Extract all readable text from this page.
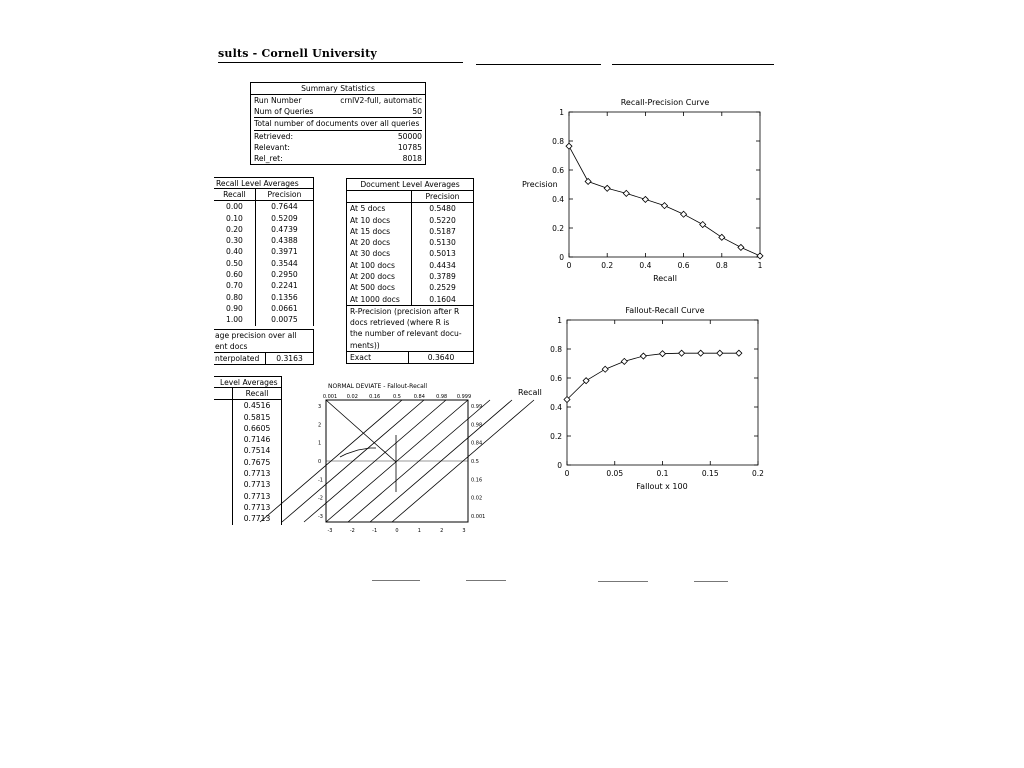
sults - Cornell University
Summary Statistics
Run Number	crnlV2-full, automatic
Num of Queries	50
Total number of documents over all queries
Retrieved:	50000
Relevant:	10785
Rel_ret:	8018
Recall Level Averages
Recall	Precision
0.00	0.7644
0.10	0.5209
0.20	0.4739
0.30	0.4388
0.40	0.3971
0.50	0.3544
0.60	0.2950
0.70	0.2241
0.80	0.1356
0.90	0.0661
1.00	0.0075
age precision over all
ent docs
nterpolated	0.3163
Document Level Averages
	Precision
At 5 docs	0.5480
At 10 docs	0.5220
At 15 docs	0.5187
At 20 docs	0.5130
At 30 docs	0.5013
At 100 docs	0.4434
At 200 docs	0.3789
At 500 docs	0.2529
At 1000 docs	0.1604
R-Precision (precision after R
docs retrieved (where R is
the number of relevant docu-
ments))
Exact	0.3640
Level Averages
	Recall
	0.4516
	0.5815
	0.6605
	0.7146
	0.7514
	0.7675
	0.7713
	0.7713
	0.7713
	0.7713
	0.7713
NORMAL DEVIATE - Fallout-Recall
0.001 0.02 0.16	0.5	0.84 0.98 0.999
0.99
0.98
0.84
0.5
0.16
0.02
0.001
3
2
1
0
-1
-2
-3
-3	-2	-1	0	1	2	3
Recall-Precision Curve
0
0.2
0.4
0.6
0.8
1
0	0.2	0.4	0.6	0.8	1
Precision
Recall
Fallout-Recall Curve
0
0.2
0.4
0.6
0.8
1
0	0.05	0.1	0.15	0.2
Recall
Fallout x 100
